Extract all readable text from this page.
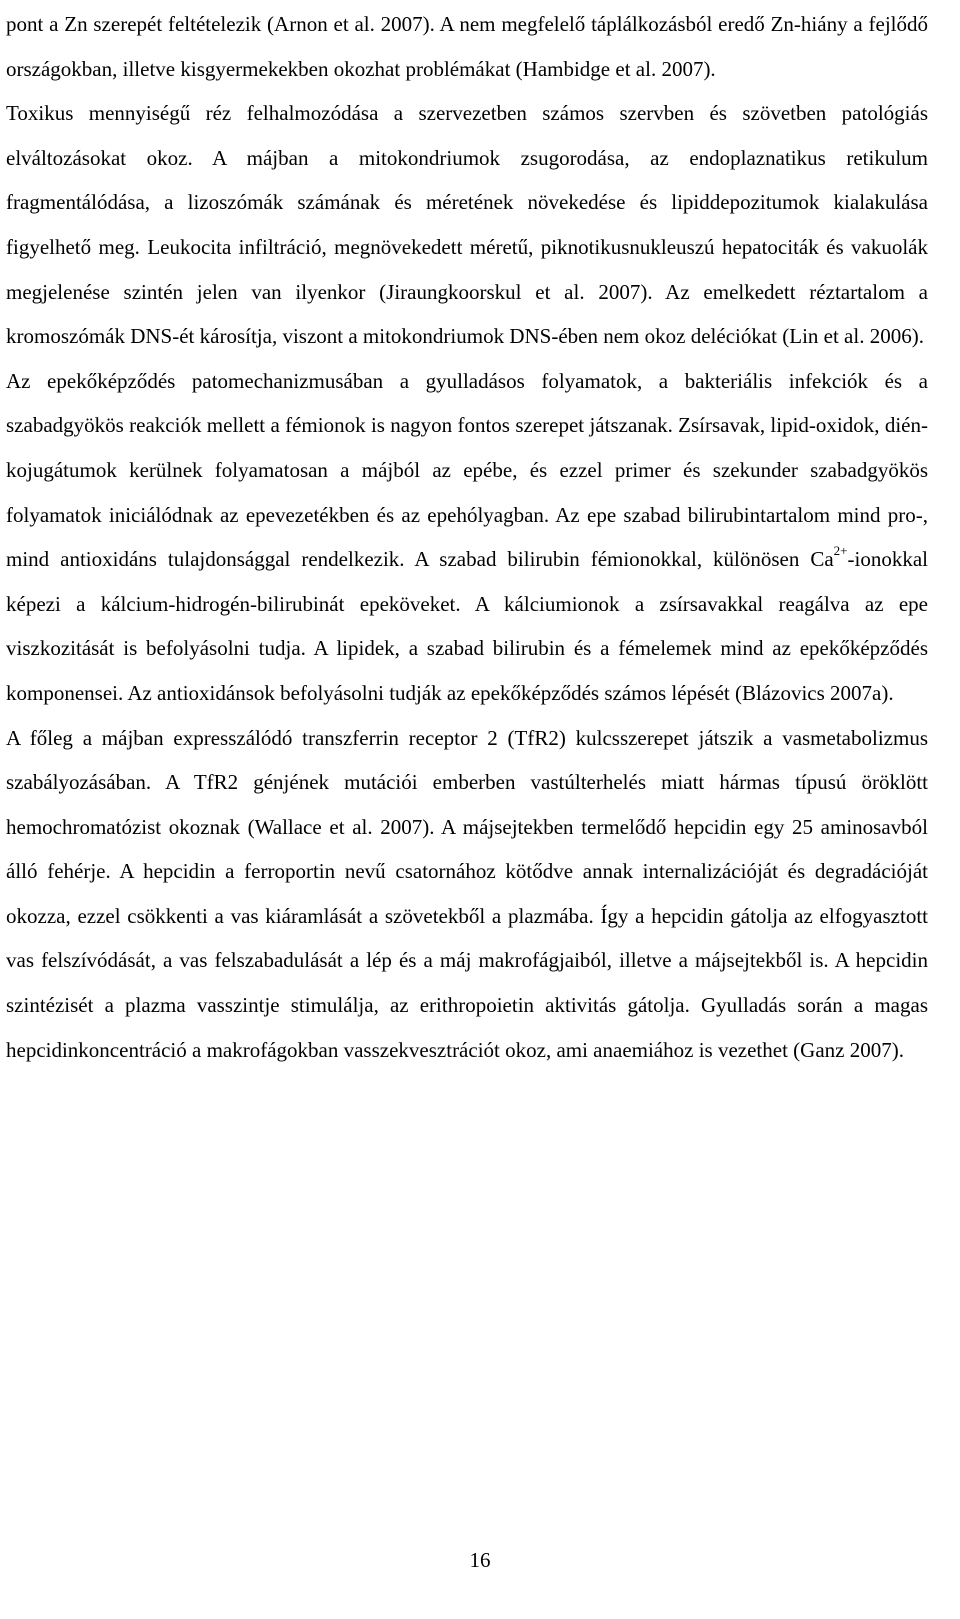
pont a Zn szerepét feltételezik (Arnon et al. 2007). A nem megfelelő táplálkozásból eredő Zn-hiány a fejlődő országokban, illetve kisgyermekekben okozhat problémákat (Hambidge et al. 2007).

Toxikus mennyiségű réz felhalmozódása a szervezetben számos szervben és szövetben patológiás elváltozásokat okoz. A májban a mitokondriumok zsugorodása, az endoplaznatikus retikulum fragmentálódása, a lizoszómák számának és méretének növekedése és lipiddepozitumok kialakulása figyelhető meg. Leukocita infiltráció, megnövekedett méretű, piknotikusnukleuszú hepatociták és vakuolák megjelenése szintén jelen van ilyenkor (Jiraungkoorskul et al. 2007). Az emelkedett réztartalom a kromoszómák DNS-ét károsítja, viszont a mitokondriumok DNS-ében nem okoz deléciókat (Lin et al. 2006).

Az epekőképződés patomechanizmusában a gyulladásos folyamatok, a bakteriális infekciók és a szabadgyökös reakciók mellett a fémionok is nagyon fontos szerepet játszanak. Zsírsavak, lipid-oxidok, dién-kojugátumok kerülnek folyamatosan a májból az epébe, és ezzel primer és szekunder szabadgyökös folyamatok iniciálódnak az epevezetékben és az epehólyagban. Az epe szabad bilirubintartalom mind pro-, mind antioxidáns tulajdonsággal rendelkezik. A szabad bilirubin fémionokkal, különösen $Ca^{2+}$-ionokkal képezi a kálcium-hidrogén-bilirubinát epeköveket. A kálciumionok a zsírsavakkal reagálva az epe viszkozitását is befolyásolni tudja. A lipidek, a szabad bilirubin és a fémelemek mind az epekőképződés komponensei. Az antioxidánsok befolyásolni tudják az epekőképződés számos lépését (Blázovics 2007a).

A főleg a májban expresszálódó transzferrin receptor 2 (TfR2) kulcsszerepet játszik a vasmetabolizmus szabályozásában. A TfR2 génjének mutációi emberben vastúlterhelés miatt hármas típusú öröklött hemochromatózist okoznak (Wallace et al. 2007). A májsejtekben termelődő hepcidin egy 25 aminosavból álló fehérje. A hepcidin a ferroportin nevű csatornához kötődve annak internalizációját és degradációját okozza, ezzel csökkenti a vas kiáramlását a szövetekből a plazmába. Így a hepcidin gátolja az elfogyasztott vas felszívódását, a vas felszabadulását a lép és a máj makrofágjaiból, illetve a májsejtekből is. A hepcidin szintézisét a plazma vasszintje stimulálja, az erithropoietin aktivitás gátolja. Gyulladás során a magas hepcidinkoncentráció a makrofágokban vasszekvesztrációt okoz, ami anaemiához is vezethet (Ganz 2007).

16
